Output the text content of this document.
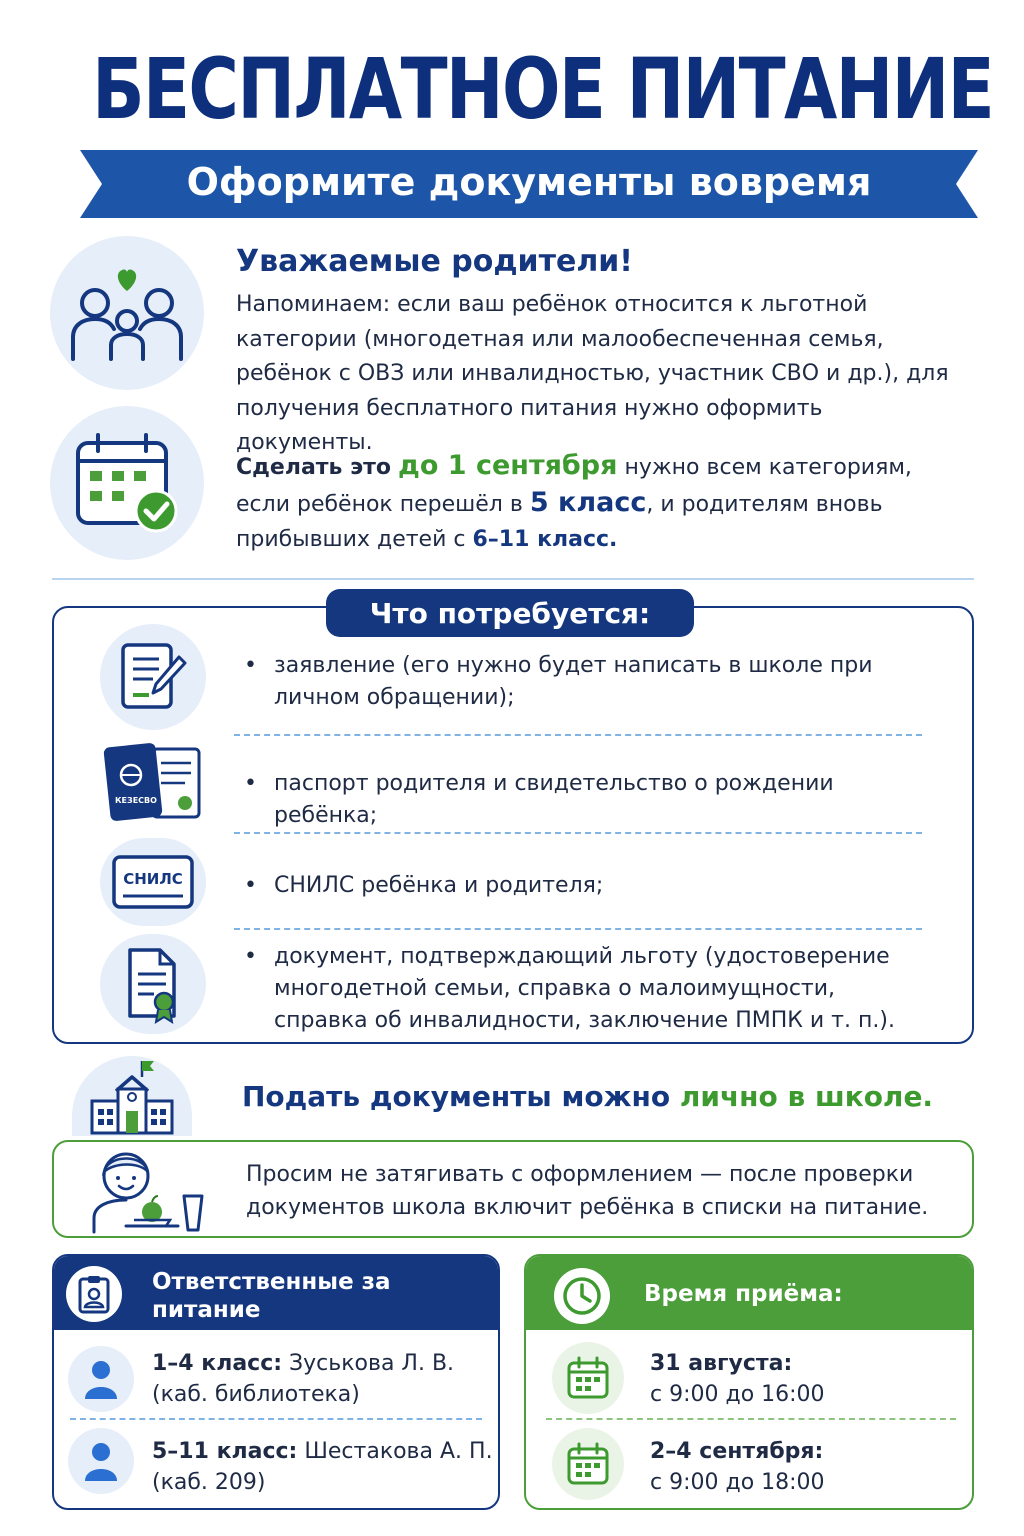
БЕСПЛАТНОЕ ПИТАНИЕ
Оформите документы вовремя
Уважаемые родители!
Напоминаем: если ваш ребёнок относится к льготной категории (многодетная или малообеспеченная семья, ребёнок с ОВЗ или инвалидностью, участник СВО и др.), для получения бесплатного питания нужно оформить документы.
Сделать это до 1 сентября нужно всем категориям, если ребёнок перешёл в 5 класс, и родителям вновь прибывших детей с 6–11 класс.
Что потребуется:
• заявление (его нужно будет написать в школе при личном обращении);
КЕЗЕСВО
• паспорт родителя и свидетельство о рождении ребёнка;
СНИЛС	• СНИЛС ребёнка и родителя;
• документ, подтверждающий льготу (удостоверение многодетной семьи, справка о малоимущности, справка об инвалидности, заключение ПМПК и т. п.).
Подать документы можно лично в школе.
Просим не затягивать с оформлением — после проверки документов школа включит ребёнка в списки на питание.
Ответственные за питание
в школе:
1–4 класс: Зуськова Л. В.
(каб. библиотека)
5–11 класс: Шестакова А. П.
(каб. 209)
Время приёма:
31 августа:
с 9:00 до 16:00
2–4 сентября:
с 9:00 до 18:00
